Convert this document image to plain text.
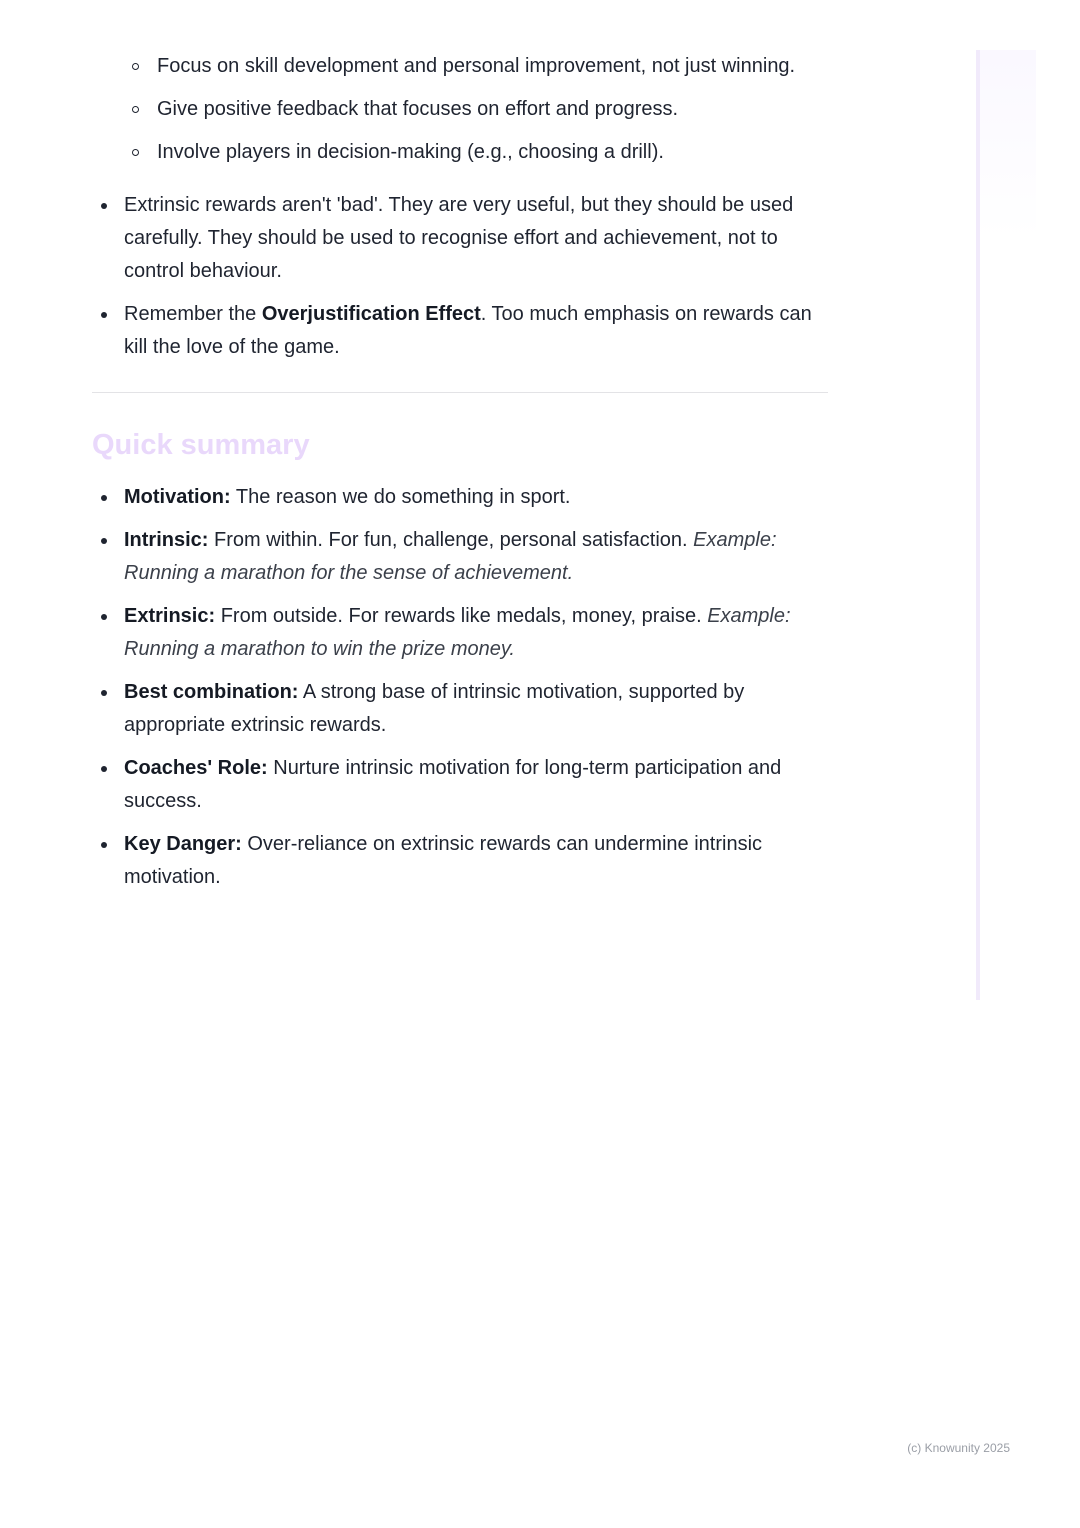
Focus on skill development and personal improvement, not just winning.
Give positive feedback that focuses on effort and progress.
Involve players in decision-making (e.g., choosing a drill).
Extrinsic rewards aren't 'bad'. They are very useful, but they should be used carefully. They should be used to recognise effort and achievement, not to control behaviour.
Remember the Overjustification Effect. Too much emphasis on rewards can kill the love of the game.
Quick summary
Motivation: The reason we do something in sport.
Intrinsic: From within. For fun, challenge, personal satisfaction. Example: Running a marathon for the sense of achievement.
Extrinsic: From outside. For rewards like medals, money, praise. Example: Running a marathon to win the prize money.
Best combination: A strong base of intrinsic motivation, supported by appropriate extrinsic rewards.
Coaches' Role: Nurture intrinsic motivation for long-term participation and success.
Key Danger: Over-reliance on extrinsic rewards can undermine intrinsic motivation.
(c) Knowunity 2025
